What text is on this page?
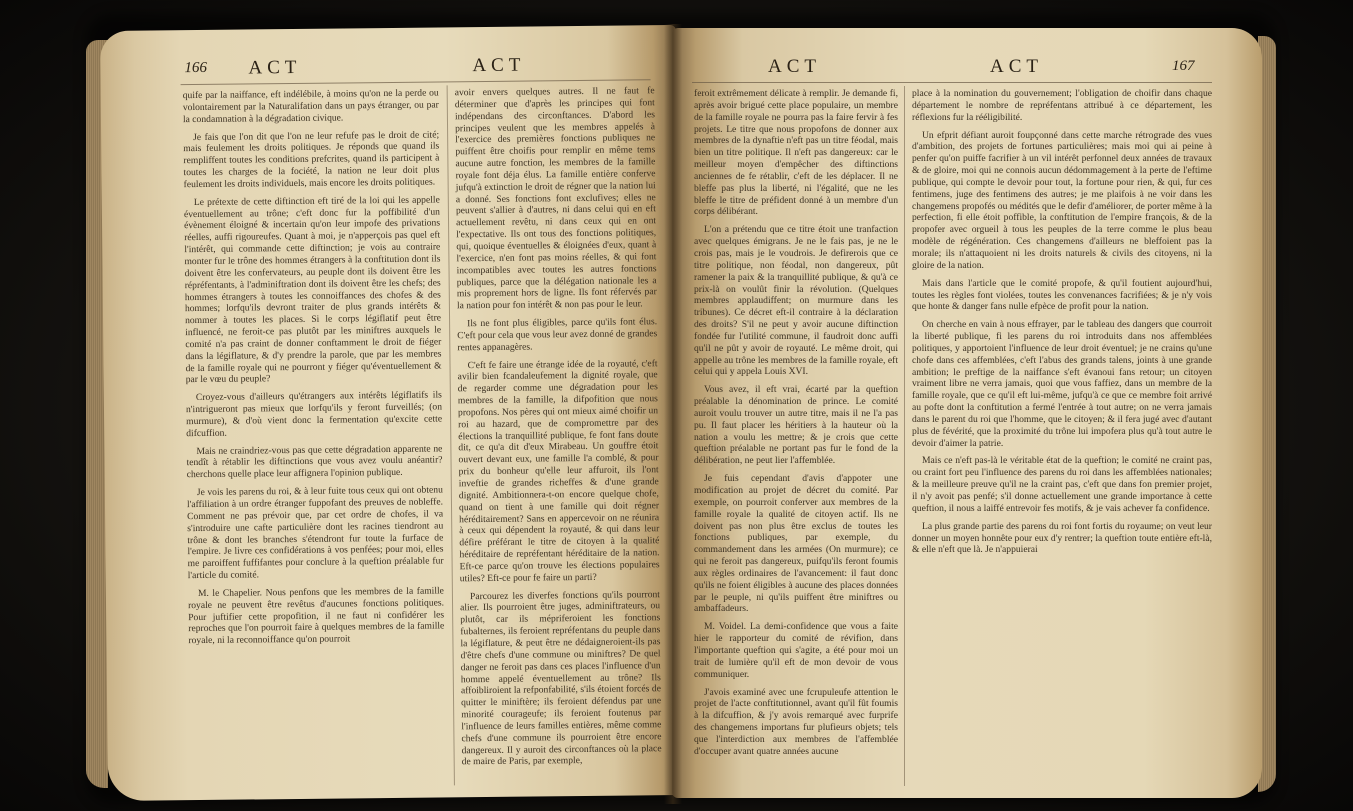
166 ACT	ACT

quife par la naiffance, eft indélébile, à moins qu'on ne la perde ou volontairement par la Naturalifation dans un pays étranger, ou par la condamnation à la dégradation civique.

Je fais que l'on dit que l'on ne leur refufe pas le droit de cité; mais feulement les droits politiques. Je réponds que quand ils rempliffent toutes les conditions prefcrites, quand ils participent à toutes les charges de la fociété, la nation ne leur doit plus feulement les droits individuels, mais encore les droits politiques.

Le prétexte de cette diftinction eft tiré de la loi qui les appelle éventuellement au trône; c'eft donc fur la poffibilité d'un évènement éloigné & incertain qu'on leur impofe des privations réelles, auffi rigoureufes. Quant à moi, je n'apperçois pas quel eft l'intérêt, qui commande cette diftinction; je vois au contraire monter fur le trône des hommes étrangers à la conftitution dont ils doivent être les confervateurs, au peuple dont ils doivent être les répréfentants, à l'adminiftration dont ils doivent être les chefs; des hommes étrangers à toutes les connoiffances des chofes & des hommes; lorfqu'ils devront traiter de plus grands intérêts & nommer à toutes les places. Si le corps légiflatif peut être influencé, ne feroit-ce pas plutôt par les miniftres auxquels le comité n'a pas craint de donner conftamment le droit de fiéger dans la légiflature, & d'y prendre la parole, que par les membres de la famille royale qui ne pourront y fiéger qu'éventuellement & par le vœu du peuple?

Croyez-vous d'ailleurs qu'étrangers aux intérêts légiflatifs ils n'intrigueront pas mieux que lorfqu'ils y feront furveillés; (on murmure), & d'où vient donc la fermentation qu'excite cette difcuffion.

Mais ne craindriez-vous pas que cette dégradation apparente ne tendît à rétablir les diftinctions que vous avez voulu anéantir? cherchons quelle place leur affignera l'opinion publique.

Je vois les parens du roi, & à leur fuite tous ceux qui ont obtenu l'affiliation à un ordre étranger fuppofant des preuves de nobleffe. Comment ne pas prévoir que, par cet ordre de chofes, il va s'introduire une cafte particulière dont les racines tiendront au trône & dont les branches s'étendront fur toute la furface de l'empire. Je livre ces confidérations à vos penfées; pour moi, elles me paroiffent fuffifantes pour conclure à la queftion préalable fur l'article du comité.

M. le Chapelier. Nous penfons que les membres de la famille royale ne peuvent être revêtus d'aucunes fonctions politiques. Pour juftifier cette propofition, il ne faut ni confidérer les reproches que l'on pourroit faire à quelques membres de la famille royale, ni la reconnoiffance qu'on pourroit

avoir envers quelques autres. Il ne faut fe déterminer que d'après les principes qui font indépendans des circonftances. D'abord les principes veulent que les membres appelés à l'exercice des premières fonctions publiques ne puiffent être choifis pour remplir en même tems aucune autre fonction, les membres de la famille royale font déja élus. La famille entière conferve jufqu'à extinction le droit de régner que la nation lui a donné. Ses fonctions font exclufives; elles ne peuvent s'allier à d'autres, ni dans celui qui en eft actuellement revêtu, ni dans ceux qui en ont l'expectative. Ils ont tous des fonctions politiques, qui, quoique éventuelles & éloignées d'eux, quant à l'exercice, n'en font pas moins réelles, & qui font incompatibles avec toutes les autres fonctions publiques, parce que la délégation nationale les a mis proprement hors de ligne. Ils font réfervés par la nation pour fon intérêt & non pas pour le leur.

Ils ne font plus éligibles, parce qu'ils font élus. C'eft pour cela que vous leur avez donné de grandes rentes appanagères.

C'eft fe faire une étrange idée de la royauté, c'eft avilir bien fcandaleufement la dignité royale, que de regarder comme une dégradation pour les membres de la famille, la difpofition que nous propofons. Nos pères qui ont mieux aimé choifir un roi au hazard, que de compromettre par des élections la tranquillité publique, fe font fans doute dit, ce qu'a dit d'eux Mirabeau. Un gouffre étoit ouvert devant eux, une famille l'a comblé, & pour prix du bonheur qu'elle leur affuroit, ils l'ont inveftie de grandes richeffes & d'une grande dignité. Ambitionnera-t-on encore quelque chofe, quand on tient à une famille qui doit régner héréditairement? Sans en appercevoir on ne réunira à ceux qui dépendent la royauté, & qui dans leur défire préférant le titre de citoyen à la qualité héréditaire de repréfentant héréditaire de la nation. Eft-ce parce qu'on trouve les élections populaires utiles? Eft-ce pour fe faire un parti?

Parcourez les diverfes fonctions qu'ils pourront alier. Ils pourroient être juges, adminiftrateurs, ou plutôt, car ils mépriferoient les fonctions fubalternes, ils feroient repréfentans du peuple dans la légiflature, & peut être ne dédaigneroient-ils pas d'être chefs d'une commune ou miniftres? De quel danger ne feroit pas dans ces places l'influence d'un homme appelé éventuellement au trône? Ils affoibliroient la refponfabilité, s'ils étoient forcés de quitter le miniftère; ils feroient défendus par une minorité courageufe; ils feroient foutenus par l'influence de leurs familles entières, même comme chefs d'une commune ils pourroient être encore dangereux. Il y auroit des circonftances où la place de maire de Paris, par exemple,

ACT	ACT	167

feroit extrêmement délicate à remplir. Je demande fi, après avoir brigué cette place populaire, un membre de la famille royale ne pourra pas la faire fervir à fes projets. Le titre que nous propofons de donner aux membres de la dynaftie n'eft pas un titre féodal, mais bien un titre politique. Il n'eft pas dangereux: car le meilleur moyen d'empêcher des diftinctions anciennes de fe rétablir, c'eft de les déplacer. Il ne bleffe pas plus la liberté, ni l'égalité, que ne les bleffe le titre de préfident donné à un membre d'un corps délibérant.

L'on a prétendu que ce titre étoit une tranfaction avec quelques émigrans. Je ne le fais pas, je ne le crois pas, mais je le voudrois. Je defirerois que ce titre politique, non féodal, non dangereux, pût ramener la paix & la tranquillité publique, & qu'à ce prix-là on voulût finir la révolution. (Quelques membres applaudiffent; on murmure dans les tribunes). Ce décret eft-il contraire à la déclaration des droits? S'il ne peut y avoir aucune diftinction fondée fur l'utilité commune, il faudroit donc auffi qu'il ne pût y avoir de royauté. Le même droit, qui appelle au trône les membres de la famille royale, eft celui qui y appela Louis XVI.

Vous avez, il eft vrai, écarté par la queftion préalable la dénomination de prince. Le comité auroit voulu trouver un autre titre, mais il ne l'a pas pu. Il faut placer les héritiers à la hauteur où la nation a voulu les mettre; & je crois que cette queftion préalable ne portant pas fur le fond de la délibération, ne peut lier l'affemblée.

Je fuis cependant d'avis d'appoter une modification au projet de décret du comité. Par exemple, on pourroit conferver aux membres de la famille royale la qualité de citoyen actif. Ils ne doivent pas non plus être exclus de toutes les fonctions publiques, par exemple, du commandement dans les armées (On murmure); ce qui ne feroit pas dangereux, puifqu'ils feront foumis aux règles ordinaires de l'avancement: il faut donc qu'ils ne foient éligibles à aucune des places données par le peuple, ni qu'ils puiffent être miniftres ou ambaffadeurs.

M. Voidel. La demi-confidence que vous a faite hier le rapporteur du comité de révifion, dans l'importante queftion qui s'agite, a été pour moi un trait de lumière qu'il eft de mon devoir de vous communiquer.

J'avois examiné avec une fcrupuleufe attention le projet de l'acte conftitutionnel, avant qu'il fût foumis à la difcuffion, & j'y avois remarqué avec furprife des changemens importans fur plufieurs objets; tels que l'interdiction aux membres de l'affemblée d'occuper avant quatre années aucune

place à la nomination du gouvernement; l'obligation de choifir dans chaque département le nombre de repréfentans attribué à ce département, les réflexions fur la rééligibilité.

Un efprit défiant auroit foupçonné dans cette marche rétrograde des vues d'ambition, des projets de fortunes particulières; mais moi qui ai peine à penfer qu'on puiffe facrifier à un vil intérêt perfonnel deux années de travaux & de gloire, moi qui ne connois aucun dédommagement à la perte de l'eftime publique, qui compte le devoir pour tout, la fortune pour rien, & qui, fur ces fentimens, juge des fentimens des autres; je me plaifois à ne voir dans les changemens propofés ou médités que le defir d'améliorer, de porter même à la perfection, fi elle étoit poffible, la conftitution de l'empire françois, & de la propofer avec orgueil à tous les peuples de la terre comme le plus beau modèle de régénération. Ces changemens d'ailleurs ne bleffoient pas la morale; ils n'attaquoient ni les droits naturels & civils des citoyens, ni la gloire de la nation.

Mais dans l'article que le comité propofe, & qu'il foutient aujourd'hui, toutes les règles font violées, toutes les convenances facrifiées; & je n'y vois que honte & danger fans nulle efpèce de profit pour la nation.

On cherche en vain à nous effrayer, par le tableau des dangers que courroit la liberté publique, fi les parens du roi introduits dans nos affemblées politiques, y apportoient l'influence de leur droit éventuel; je ne crains qu'une chofe dans ces affemblées, c'eft l'abus des grands talens, joints à une grande ambition; le preftige de la naiffance s'eft évanoui fans retour; un citoyen vraiment libre ne verra jamais, quoi que vous faffiez, dans un membre de la famille royale, que ce qu'il eft lui-même, jufqu'à ce que ce membre foit arrivé au pofte dont la conftitution a fermé l'entrée à tout autre; on ne verra jamais dans le parent du roi que l'homme, que le citoyen; & il fera jugé avec d'autant plus de févérité, que la proximité du trône lui impofera plus qu'à tout autre le devoir d'aimer la patrie.

Mais ce n'eft pas-là le véritable état de la queftion; le comité ne craint pas, ou craint fort peu l'influence des parens du roi dans les affemblées nationales; & la meilleure preuve qu'il ne la craint pas, c'eft que dans fon premier projet, il n'y avoit pas penfé; s'il donne actuellement une grande importance à cette queftion, il nous a laiffé entrevoir fes motifs, & je vais achever fa confidence.

La plus grande partie des parens du roi font fortis du royaume; on veut leur donner un moyen honnête pour eux d'y rentrer; la queftion toute entière eft-là, & elle n'eft que là. Je n'appuierai
